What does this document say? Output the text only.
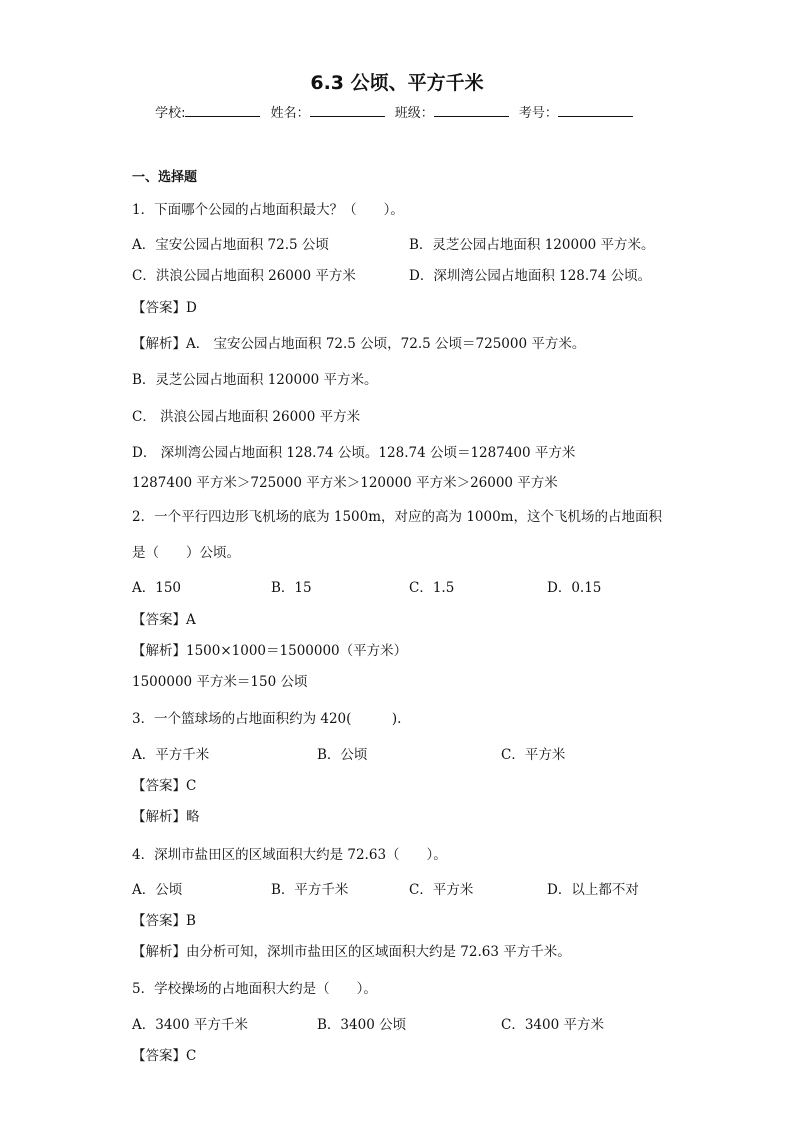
6.3 公顷、平方千米
学校:	姓名：	班级：	考号：
一、选择题
1．下面哪个公园的占地面积最大？（　　）。
A．宝安公园占地面积 72.5 公顷	B．灵芝公园占地面积 120000 平方米。
C．洪浪公园占地面积 26000 平方米	D．深圳湾公园占地面积 128.74 公顷。
【答案】D
【解析】A． 宝安公园占地面积 72.5 公顷，72.5 公顷＝725000 平方米。
B．灵芝公园占地面积 120000 平方米。
C． 洪浪公园占地面积 26000 平方米
D． 深圳湾公园占地面积 128.74 公顷。128.74 公顷＝1287400 平方米
1287400 平方米＞725000 平方米＞120000 平方米＞26000 平方米
2．一个平行四边形飞机场的底为 1500m，对应的高为 1000m，这个飞机场的占地面积
是（　　）公顷。
A．150	B．15	C．1.5	D．0.15
【答案】A
【解析】1500×1000＝1500000（平方米）
1500000 平方米＝150 公顷
3．一个篮球场的占地面积约为 420(　　　).
A．平方千米	B．公顷	C．平方米
【答案】C
【解析】略
4．深圳市盐田区的区域面积大约是 72.63（　　）。
A．公顷	B．平方千米	C．平方米	D．以上都不对
【答案】B
【解析】由分析可知，深圳市盐田区的区域面积大约是 72.63 平方千米。
5．学校操场的占地面积大约是（　　）。
A．3400 平方千米	B．3400 公顷	C．3400 平方米
【答案】C
